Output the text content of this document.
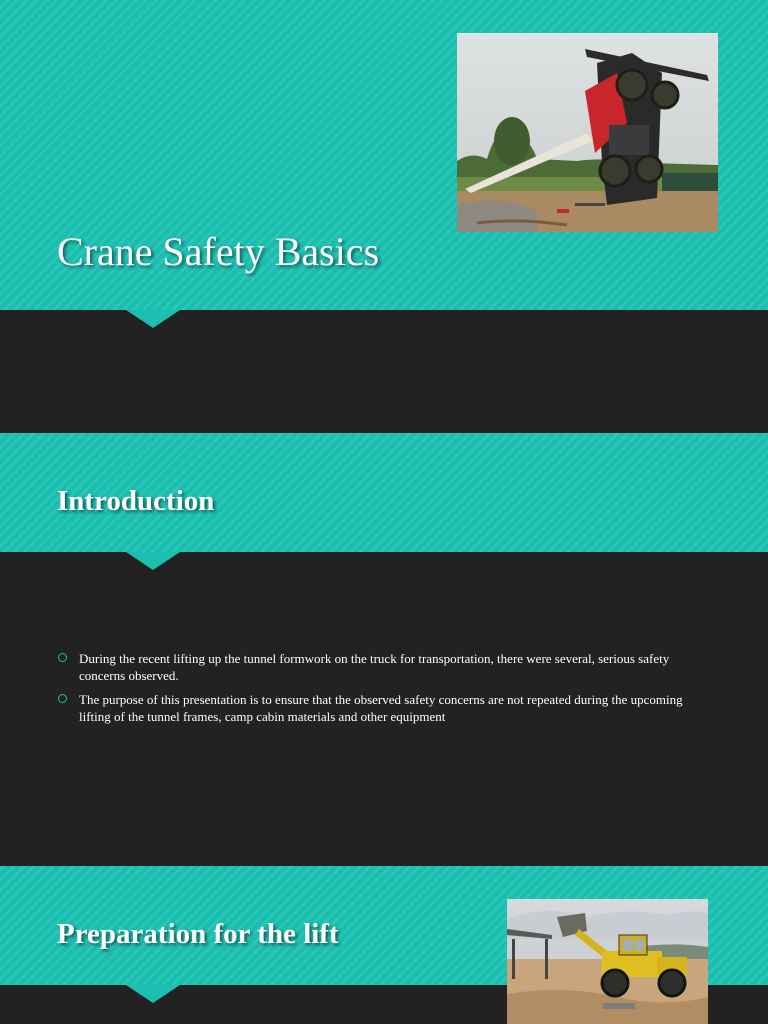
Crane Safety Basics
Introduction
During the recent lifting up the tunnel formwork on the truck for transportation, there were several, serious safety concerns observed.
The purpose of this presentation is to ensure that the observed safety concerns are not repeated during the upcoming lifting of the tunnel frames, camp cabin materials and other equipment
Preparation for the lift
